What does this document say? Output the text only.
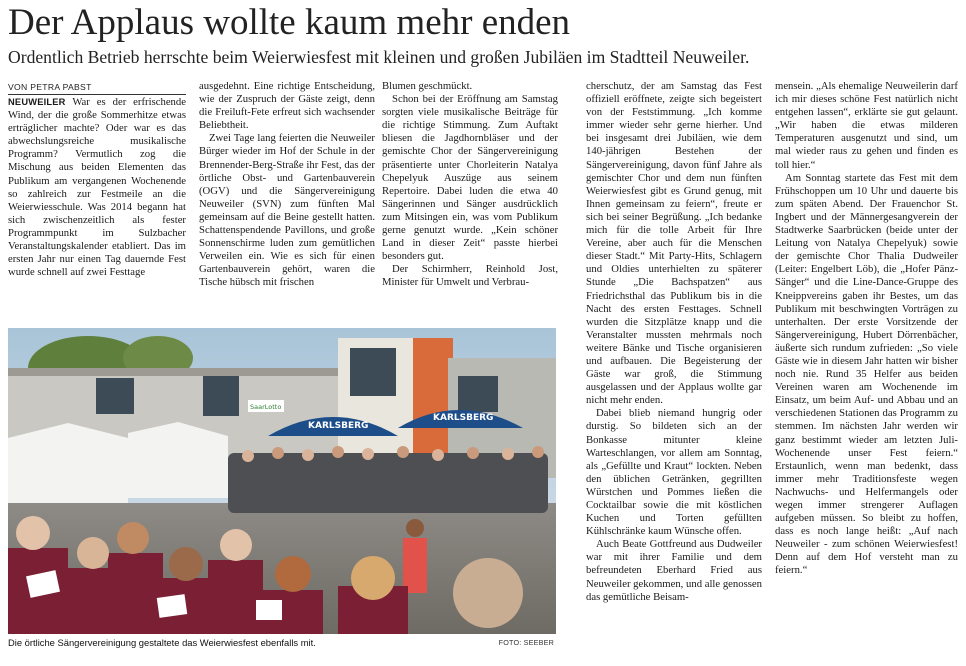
Der Applaus wollte kaum mehr enden
Ordentlich Betrieb herrschte beim Weierwiesfest mit kleinen und großen Jubiläen im Stadtteil Neuweiler.
VON PETRA PABST

NEUWEILER War es der erfrischende Wind, der die große Sommerhitze etwas erträglicher machte? Oder war es das abwechslungsreiche musikalische Programm? Vermutlich zog die Mischung aus beiden Elementen das Publikum am vergangenen Wochenende so zahlreich zur Festmeile an die Weierwiesschule. Was 2014 begann hat sich zwischenzeitlich als fester Programmpunkt im Sulzbacher Veranstaltungskalender etabliert. Das im ersten Jahr nur einen Tag dauernde Fest wurde schnell auf zwei Festtage

ausgedehnt. Eine richtige Entscheidung, wie der Zuspruch der Gäste zeigt, denn die Freiluft-Fete erfreut sich wachsender Beliebtheit.

Zwei Tage lang feierten die Neuweiler Bürger wieder im Hof der Schule in der Brennender-Berg-Straße ihr Fest, das der örtliche Obst- und Gartenbauverein (OGV) und die Sängervereinigung Neuweiler (SVN) zum fünften Mal gemeinsam auf die Beine gestellt hatten. Schattenspendende Pavillons, und große Sonnenschirme luden zum gemütlichen Verweilen ein. Wie es sich für einen Gartenbauverein gehört, waren die Tische hübsch mit frischen

Blumen geschmückt.

Schon bei der Eröffnung am Samstag sorgten viele musikalische Beiträge für die richtige Stimmung. Zum Auftakt bliesen die Jagdhornbläser und der gemischte Chor der Sängervereinigung präsentierte unter Chorleiterin Natalya Chepelyuk Auszüge aus seinem Repertoire. Dabei luden die etwa 40 Sängerinnen und Sänger ausdrücklich zum Mitsingen ein, was vom Publikum gerne genutzt wurde. „Kein schöner Land in dieser Zeit“ passte hierbei besonders gut.

Der Schirmherr, Reinhold Jost, Minister für Umwelt und Verbrau-

cherschutz, der am Samstag das Fest offiziell eröffnete, zeigte sich begeistert von der Feststimmung. „Ich komme immer wieder sehr gerne hierher. Und bei insgesamt drei Jubiläen, wie dem 140-jährigen Bestehen der Sängervereinigung, davon fünf Jahre als gemischter Chor und dem nun fünften Weierwiesfest gibt es Grund genug, mit Ihnen gemeinsam zu feiern“, freute er sich bei seiner Begrüßung. „Ich bedanke mich für die tolle Arbeit für Ihre Vereine, aber auch für die Menschen dieser Stadt.“ Mit Party-Hits, Schlagern und Oldies unterhielten zu späterer Stunde „Die Bachspatzen“ aus Friedrichsthal das Publikum bis in die Nacht des ersten Festtages. Schnell wurden die Sitzplätze knapp und die Veranstalter mussten mehrmals noch weitere Bänke und Tische organisieren und aufbauen. Die Begeisterung der Gäste war groß, die Stimmung ausgelassen und der Applaus wollte gar nicht mehr enden.

Dabei blieb niemand hungrig oder durstig. So bildeten sich an der Bonkasse mitunter kleine Warteschlangen, vor allem am Sonntag, als „Gefüllte und Kraut“ lockten. Neben den üblichen Getränken, gegrillten Würstchen und Pommes ließen die Cocktailbar sowie die mit köstlichen Kuchen und Torten gefüllten Kühlschränke kaum Wünsche offen.

Auch Beate Gottfreund aus Dudweiler war mit ihrer Familie und dem befreundeten Eberhard Fried aus Neuweiler gekommen, und alle genossen das gemütliche Beisam-

mensein. „Als ehemalige Neuweilerin darf ich mir dieses schöne Fest natürlich nicht entgehen lassen“, erklärte sie gut gelaunt. „Wir haben die etwas milderen Temperaturen ausgenutzt und sind, um mal wieder raus zu gehen und finden es toll hier.“

Am Sonntag startete das Fest mit dem Frühschoppen um 10 Uhr und dauerte bis zum späten Abend. Der Frauenchor St. Ingbert und der Männergesangverein der Stadtwerke Saarbrücken (beide unter der Leitung von Natalya Chepelyuk) sowie der gemischte Chor Thalia Dudweiler (Leiter: Engelbert Löb), die „Hofer Pänz-Sänger“ und die Line-Dance-Gruppe des Kneippvereins gaben ihr Bestes, um das Publikum mit beschwingten Vorträgen zu unterhalten. Der erste Vorsitzende der Sängervereinigung, Hubert Dörrenbächer, äußerte sich rundum zufrieden: „So viele Gäste wie in diesem Jahr hatten wir bisher noch nie. Rund 35 Helfer aus beiden Vereinen waren am Wochenende im Einsatz, um beim Auf- und Abbau und an verschiedenen Stationen das Programm zu stemmen. Im nächsten Jahr werden wir ganz bestimmt wieder am letzten Juli-Wochenende unser Fest feiern.“ Erstaunlich, wenn man bedenkt, dass immer mehr Traditionsfeste wegen Nachwuchs- und Helfermangels oder wegen immer strengerer Auflagen aufgeben müssen. So bleibt zu hoffen, dass es noch lange heißt: „Auf nach Neuweiler - zum schönen Weierwiesfest! Denn auf dem Hof versteht man zu feiern.“

KARLSBERG
KARLSBERG
SaarLotto
Die örtliche Sängervereinigung gestaltete das Weierwiesfest ebenfalls mit.	FOTO: SEEBER
